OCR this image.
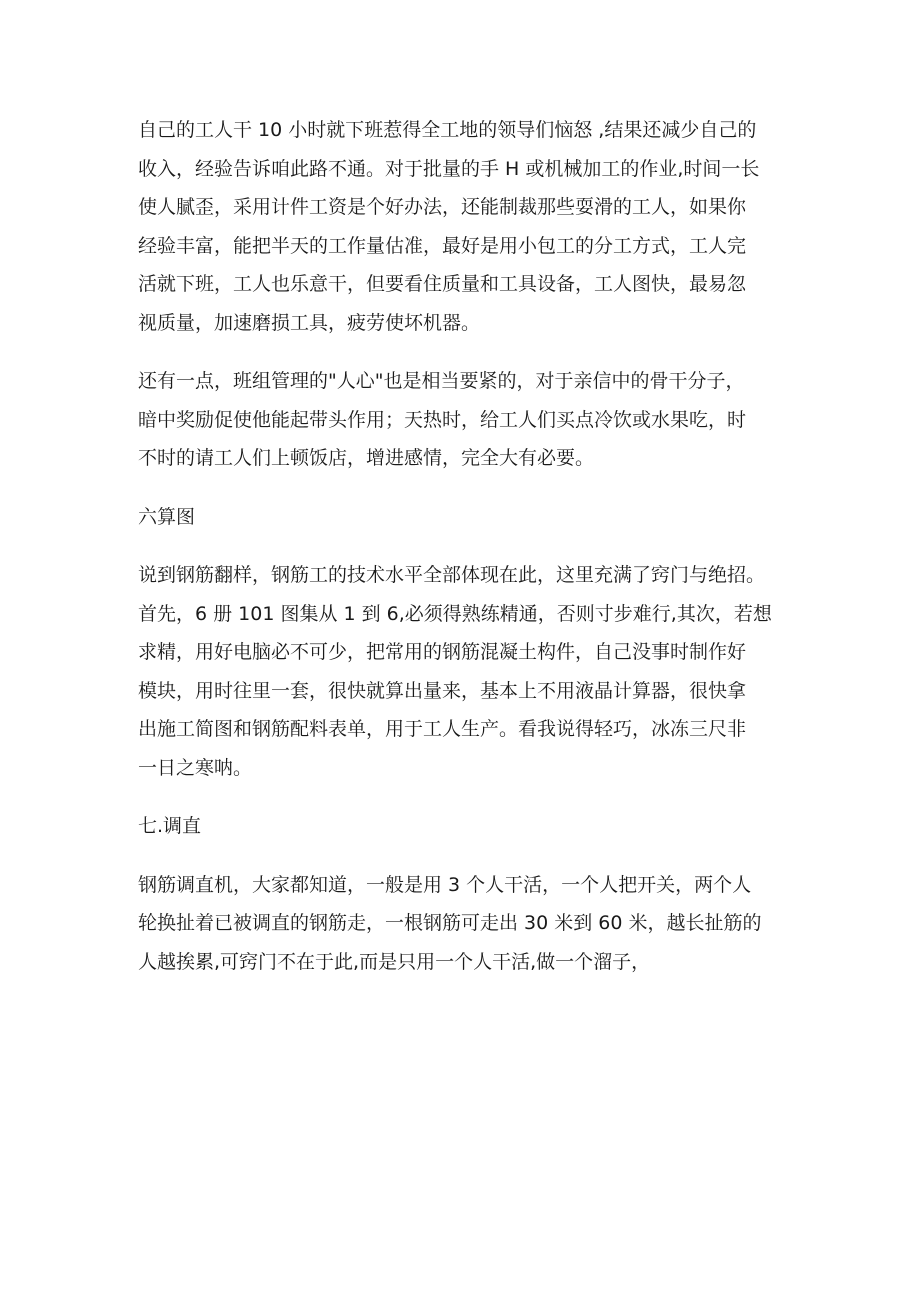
自己的工人干 10 小时就下班惹得全工地的领导们恼怒 ,结果还减少自己的
收入，经验告诉咱此路不通。对于批量的手 H 或机械加工的作业,时间一长
使人腻歪，采用计件工资是个好办法，还能制裁那些耍滑的工人，如果你
经验丰富，能把半天的工作量估准，最好是用小包工的分工方式，工人完
活就下班，工人也乐意干，但要看住质量和工具设备，工人图快，最易忽
视质量，加速磨损工具，疲劳使坏机器。

还有一点，班组管理的"人心"也是相当要紧的，对于亲信中的骨干分子，
暗中奖励促使他能起带头作用；天热时，给工人们买点冷饮或水果吃，时
不时的请工人们上顿饭店，增进感情，完全大有必要。

六算图

说到钢筋翻样，钢筋工的技术水平全部体现在此，这里充满了窍门与绝招。
首先，6 册 101 图集从 1 到 6,必须得熟练精通，否则寸步难行,其次，若想
求精，用好电脑必不可少，把常用的钢筋混凝土构件，自己没事时制作好
模块，用时往里一套，很快就算出量来，基本上不用液晶计算器，很快拿
出施工简图和钢筋配料表单，用于工人生产。看我说得轻巧，冰冻三尺非
一日之寒呐。

七.调直

钢筋调直机，大家都知道，一般是用 3 个人干活，一个人把开关，两个人
轮换扯着已被调直的钢筋走，一根钢筋可走出 30 米到 60 米，越长扯筋的
人越挨累,可窍门不在于此,而是只用一个人干活,做一个溜子，
